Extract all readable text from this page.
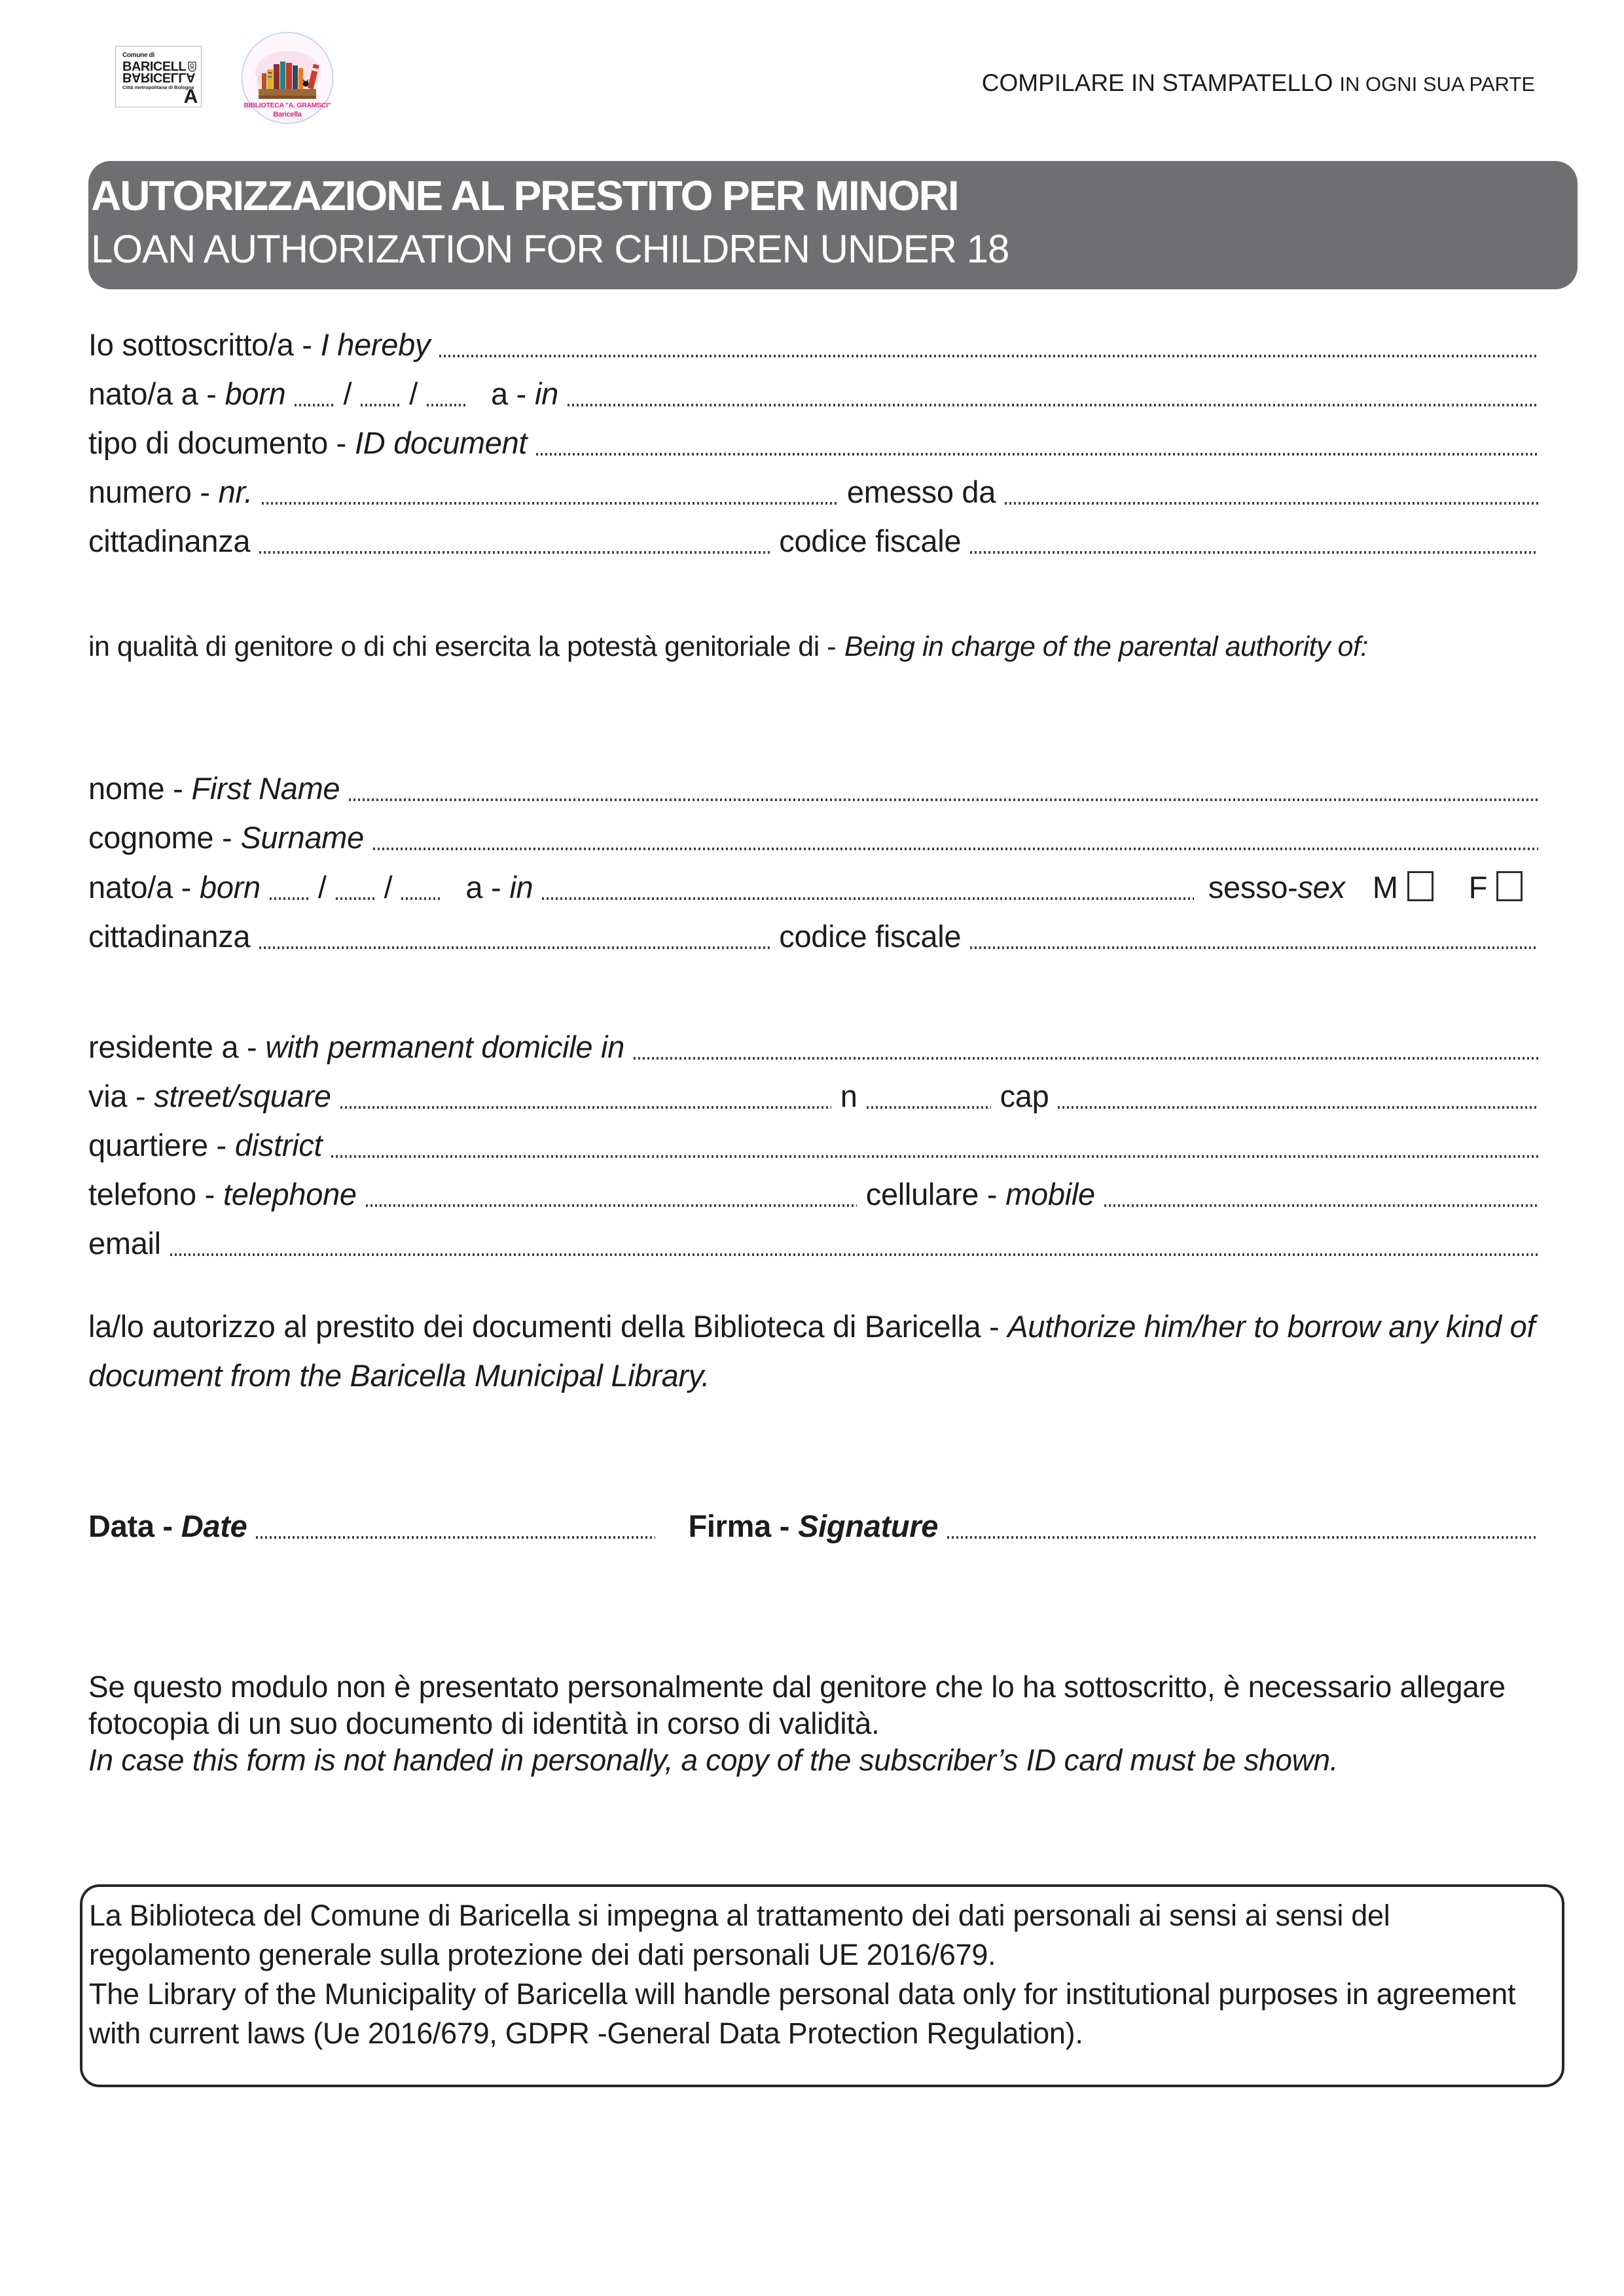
Comune di
BARICELL
BARICELLA
Città metropolitana di Bologna
A	BIBLIOTECA "A. GRAMSCI"
Baricella
COMPILARE IN STAMPATELLO IN OGNI SUA PARTE
AUTORIZZAZIONE AL PRESTITO PER MINORI
LOAN AUTHORIZATION FOR CHILDREN UNDER 18
Io sottoscritto/a - I hereby
nato/a a - born / / a - in
tipo di documento - ID document
numero - nr.	emesso da
cittadinanza	codice fiscale
in qualità di genitore o di chi esercita la potestà genitoriale di - Being in charge of the parental authority of:
nome - First Name
cognome - Surname
nato/a - born / / a - in	sesso- sex M F
cittadinanza	codice fiscale
residente a - with permanent domicile in
via - street/square	n	cap
quartiere - district
telefono - telephone	cellulare - mobile
email
la/lo autorizzo al prestito dei documenti della Biblioteca di Baricella - Authorize him/her to borrow any kind of document from the Baricella Municipal Library.
Data - Date	Firma - Signature
Se questo modulo non è presentato personalmente dal genitore che lo ha sottoscritto, è necessario allegare fotocopia di un suo documento di identità in corso di validità.
In case this form is not handed in personally, a copy of the subscriber’s ID card must be shown.
La Biblioteca del Comune di Baricella si impegna al trattamento dei dati personali ai sensi ai sensi del regolamento generale sulla protezione dei dati personali UE 2016/679.
The Library of the Municipality of Baricella will handle personal data only for institutional purposes in agreement with current laws (Ue 2016/679, GDPR -General Data Protection Regulation).
